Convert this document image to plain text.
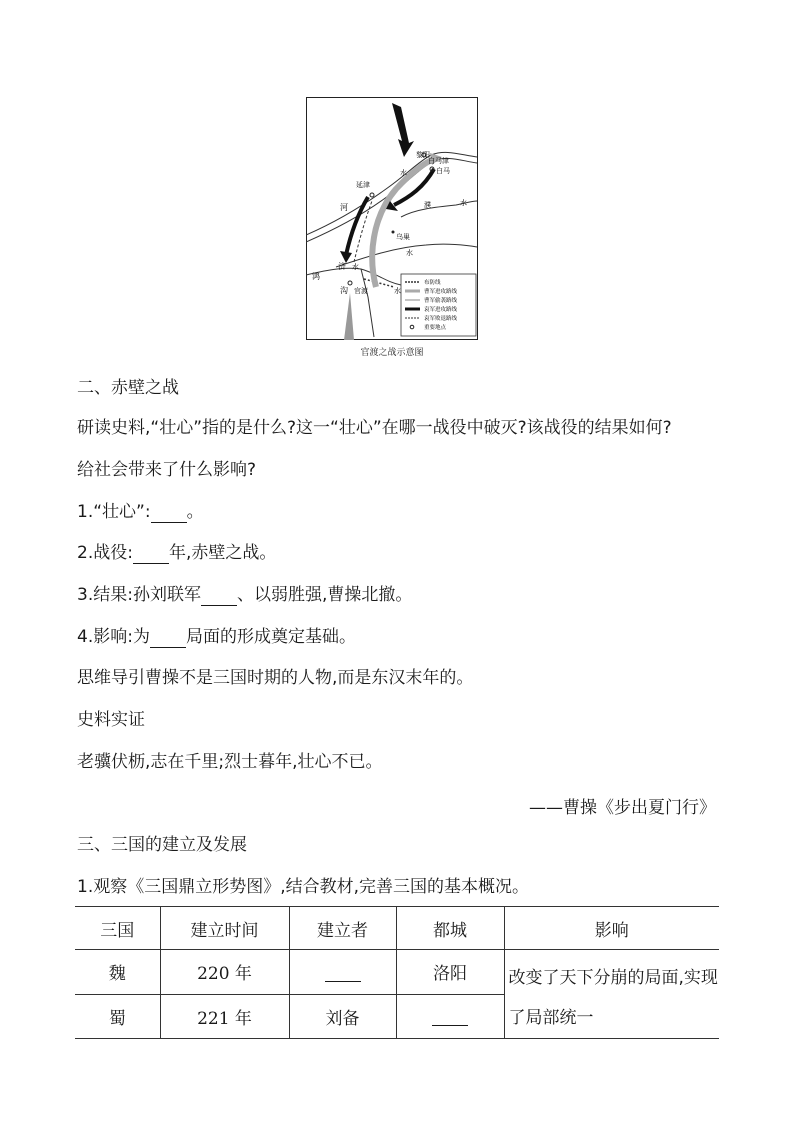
黎阳
白马津
白马
延津
水
河	濮	水
乌巢
水
济 水
鸿
沟 官渡	水
布防线
曹军进攻路线
曹军偷袭路线
袁军进攻路线
袁军败退路线
重要地点
官渡之战示意图
二、赤壁之战
研读史料,“壮心”指的是什么?这一“壮心”在哪一战役中破灭?该战役的结果如何?
给社会带来了什么影响?
1.“壮心”: 。
2.战役: 年,赤壁之战。
3.结果:孙刘联军 、以弱胜强,曹操北撤。
4.影响:为 局面的形成奠定基础。
思维导引曹操不是三国时期的人物,而是东汉末年的。
史料实证
老骥伏枥,志在千里;烈士暮年,壮心不已。
——曹操《步出夏门行》
三、三国的建立及发展
1.观察《三国鼎立形势图》,结合教材,完善三国的基本概况。
三国	建立时间	建立者	都城	影响
魏	220 年		洛阳	改变了天下分崩的局面,实现了局部统一
蜀	221 年	刘备		
